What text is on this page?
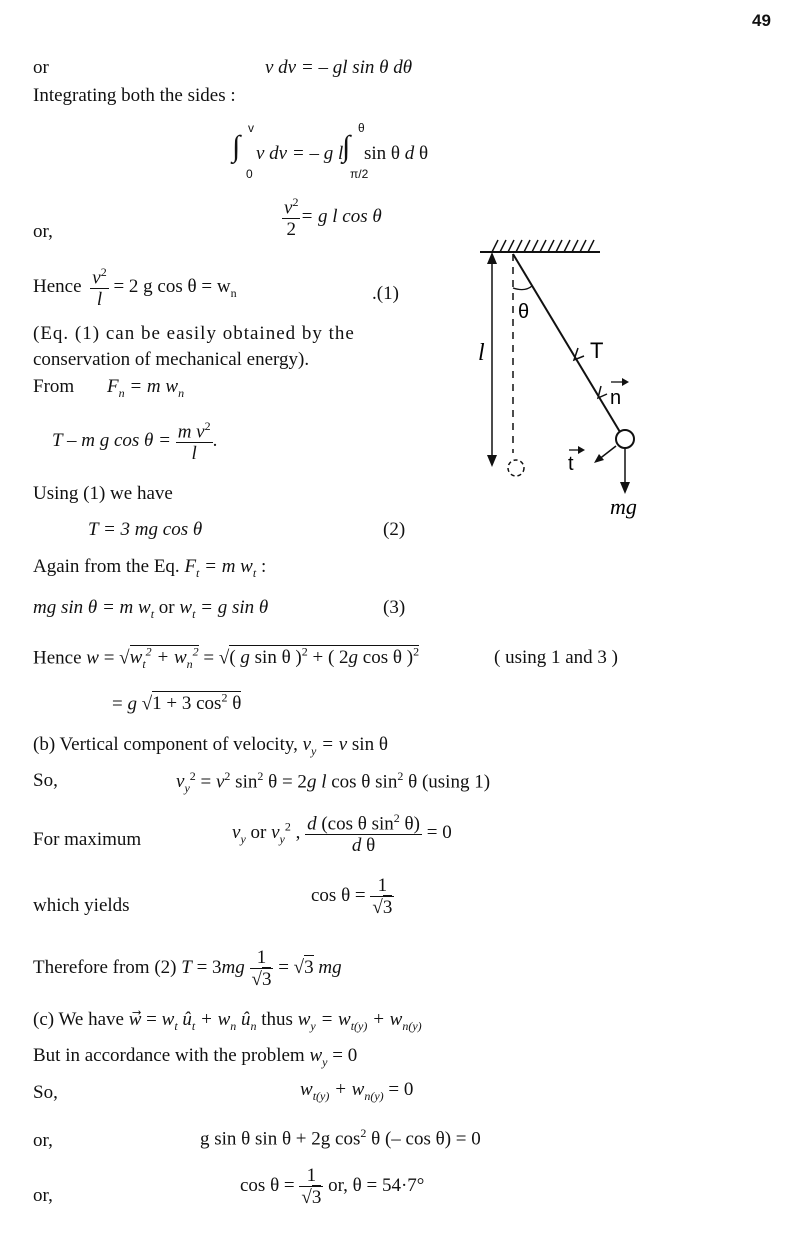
49
or	v dv = – gl sin θ dθ
Integrating both the sides :
v
0
∫ v dv = – g l
∫
θ
π/2
sin θ d θ
or,	$\frac{v^2}{2} = g$ l cos θ
Hence $\frac{v^2}{l} = 2$ g $\cos \theta = w_n$	.(1)
(Eq. (1) can be easily obtained by the
conservation of mechanical energy).
From $F_n = m$ $w_n$
T – m g $\cos \theta = \frac{m v^2}{l}$ .
Using (1) we have
T = 3 mg cos θ	(2)
Again from the Eq. $F_t = m$ $w_t$ :
mg sin θ = m $w_t$ or $w_t = g$ sin θ	(3)
Hence $w = √w_t^2 + w_n^2$ = √( g sin θ )$^2$ + ( 2g cos θ )$^2$	( using 1 and 3 )
= g √1 + 3 $\cos^2 \theta$
(b) Vertical component of velocity, $v_y = v$ sin θ
So,	$v_y^2 = v^2$ $\sin^2 \theta = 2g$ l cos θ $\sin^2 \theta$ (using 1)
For maximum	$v_y$ or $v_y^2$ , $\frac{d (\cos \theta \sin^2 \theta)}{\text{d θ}} = 0$
which yields	$\cos \theta = \frac{1}{√3}$
Therefore from (2) $T = 3mg \frac{1}{√3} = √3$ mg
(c) We have w⃗ = $w_t$ $û_t + w_n$ $û_n$ thus $w_y = w_{t(y)} + w_{n(y)}$
But in accordance with the problem $w_y = 0$
So,	$w_{t(y)} + w_{n(y)} = 0$
or,	g sin θ sin θ + 2g $\cos^2 \theta$ (– cos θ) = 0
or,	$\cos \theta = \frac{1}{√3}$ or, θ = 54·7°
l
θ
T
n
t
mg
